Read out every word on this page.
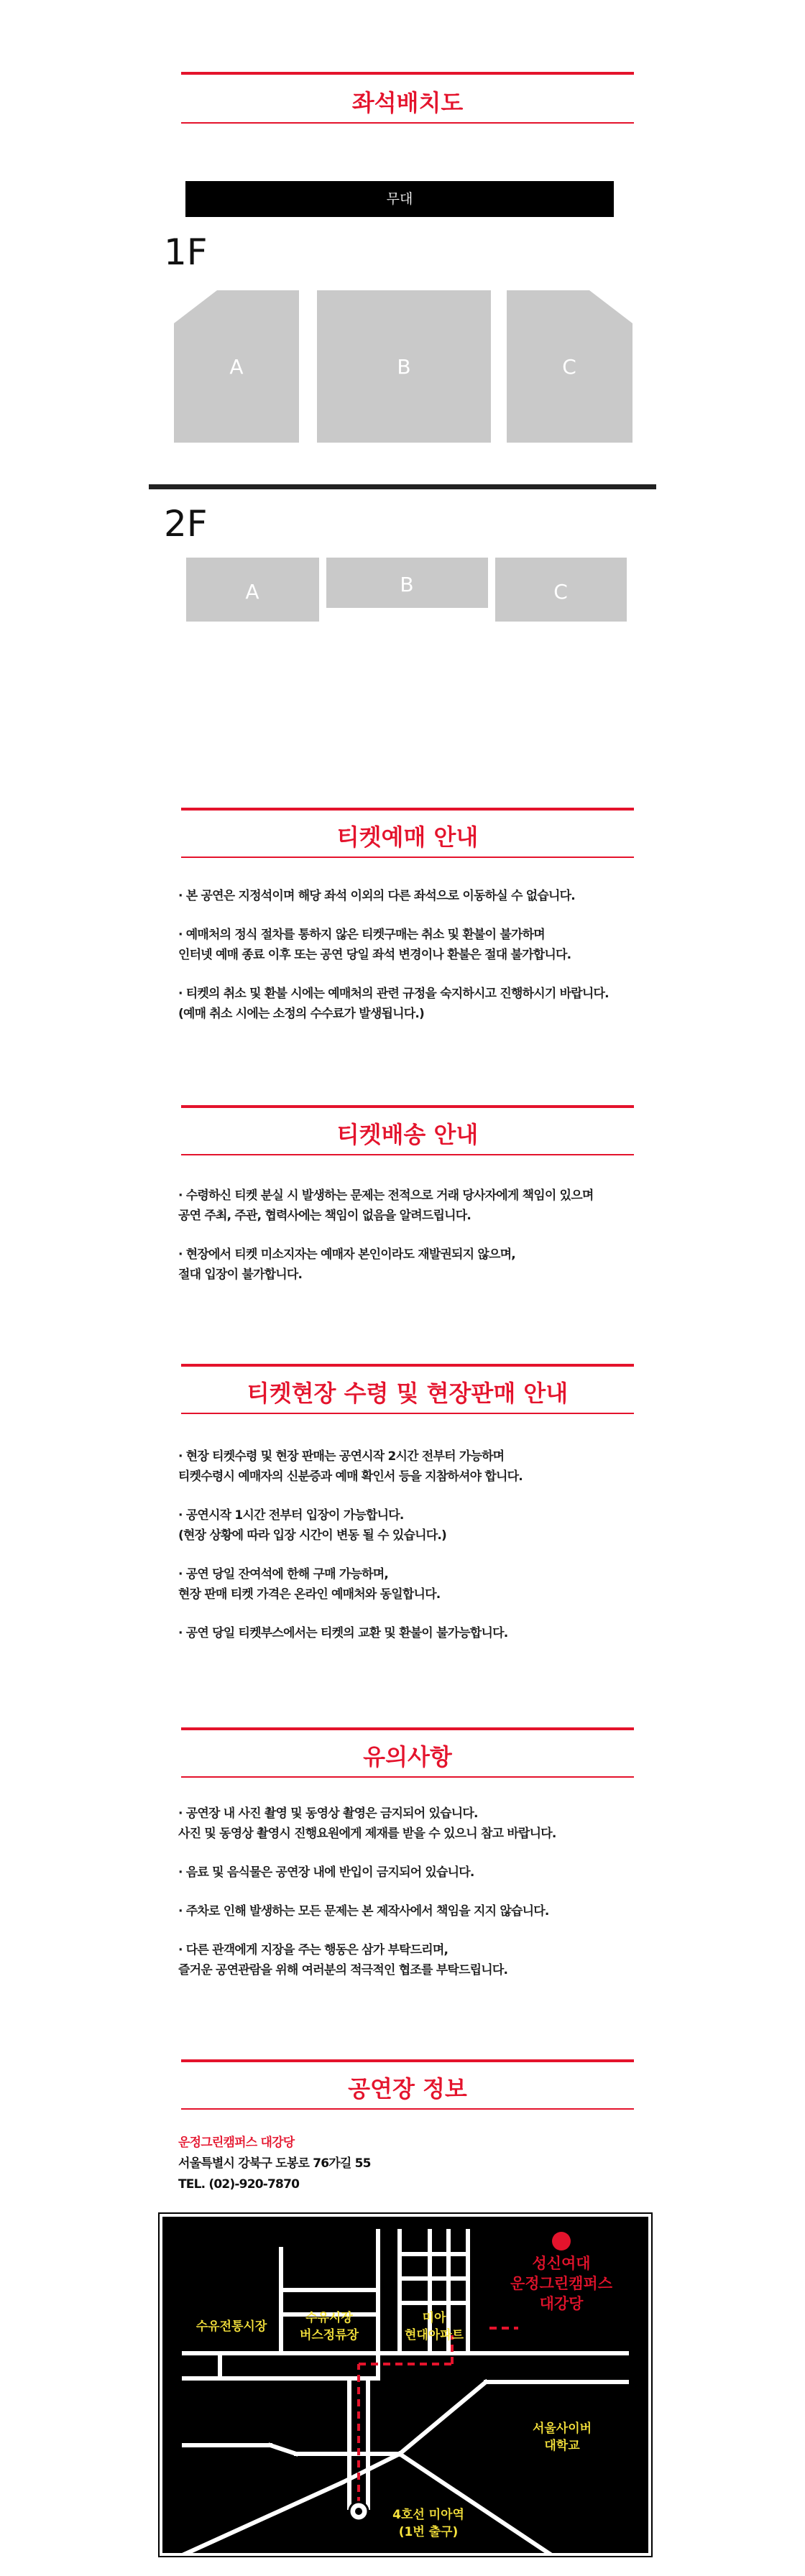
좌석배치도
무대
1F
A	B	C
A	B	C
2F
티켓예매 안내
· 본 공연은 지정석이며 해당 좌석 이외의 다른 좌석으로 이동하실 수 없습니다.
· 예매처의 정식 절차를 통하지 않은 티켓구매는 취소 및 환불이 불가하며
인터넷 예매 종료 이후 또는 공연 당일 좌석 변경이나 환불은 절대 불가합니다.
· 티켓의 취소 및 환불 시에는 예매처의 관련 규정을 숙지하시고 진행하시기 바랍니다.
(예매 취소 시에는 소정의 수수료가 발생됩니다.)
티켓배송 안내
· 수령하신 티켓 분실 시 발생하는 문제는 전적으로 거래 당사자에게 책임이 있으며
공연 주최, 주관, 협력사에는 책임이 없음을 알려드립니다.
· 현장에서 티켓 미소지자는 예매자 본인이라도 재발권되지 않으며,
절대 입장이 불가합니다.
티켓현장 수령 및 현장판매 안내
· 현장 티켓수령 및 현장 판매는 공연시작 2시간 전부터 가능하며
티켓수령시 예매자의 신분증과 예매 확인서 등을 지참하셔야 합니다.
· 공연시작 1시간 전부터 입장이 가능합니다.
(현장 상황에 따라 입장 시간이 변동 될 수 있습니다.)
· 공연 당일 잔여석에 한해 구매 가능하며,
현장 판매 티켓 가격은 온라인 예매처와 동일합니다.
· 공연 당일 티켓부스에서는 티켓의 교환 및 환불이 불가능합니다.
유의사항
· 공연장 내 사진 촬영 및 동영상 촬영은 금지되어 있습니다.
사진 및 동영상 촬영시 진행요원에게 제재를 받을 수 있으니 참고 바랍니다.
· 음료 및 음식물은 공연장 내에 반입이 금지되어 있습니다.
· 주차로 인해 발생하는 모든 문제는 본 제작사에서 책임을 지지 않습니다.
· 다른 관객에게 지장을 주는 행동은 삼가 부탁드리며,
즐거운 공연관람을 위해 여러분의 적극적인 협조를 부탁드립니다.
공연장 정보
운정그린캠퍼스 대강당
서울특별시 강북구 도봉로 76가길 55
TEL. (02)-920-7870
수유전통시장
수유시장
버스정류장
미아
현대아파트
성신여대
운정그린캠퍼스
대강당
서울사이버
대학교
4호선 미아역
(1번 출구)
